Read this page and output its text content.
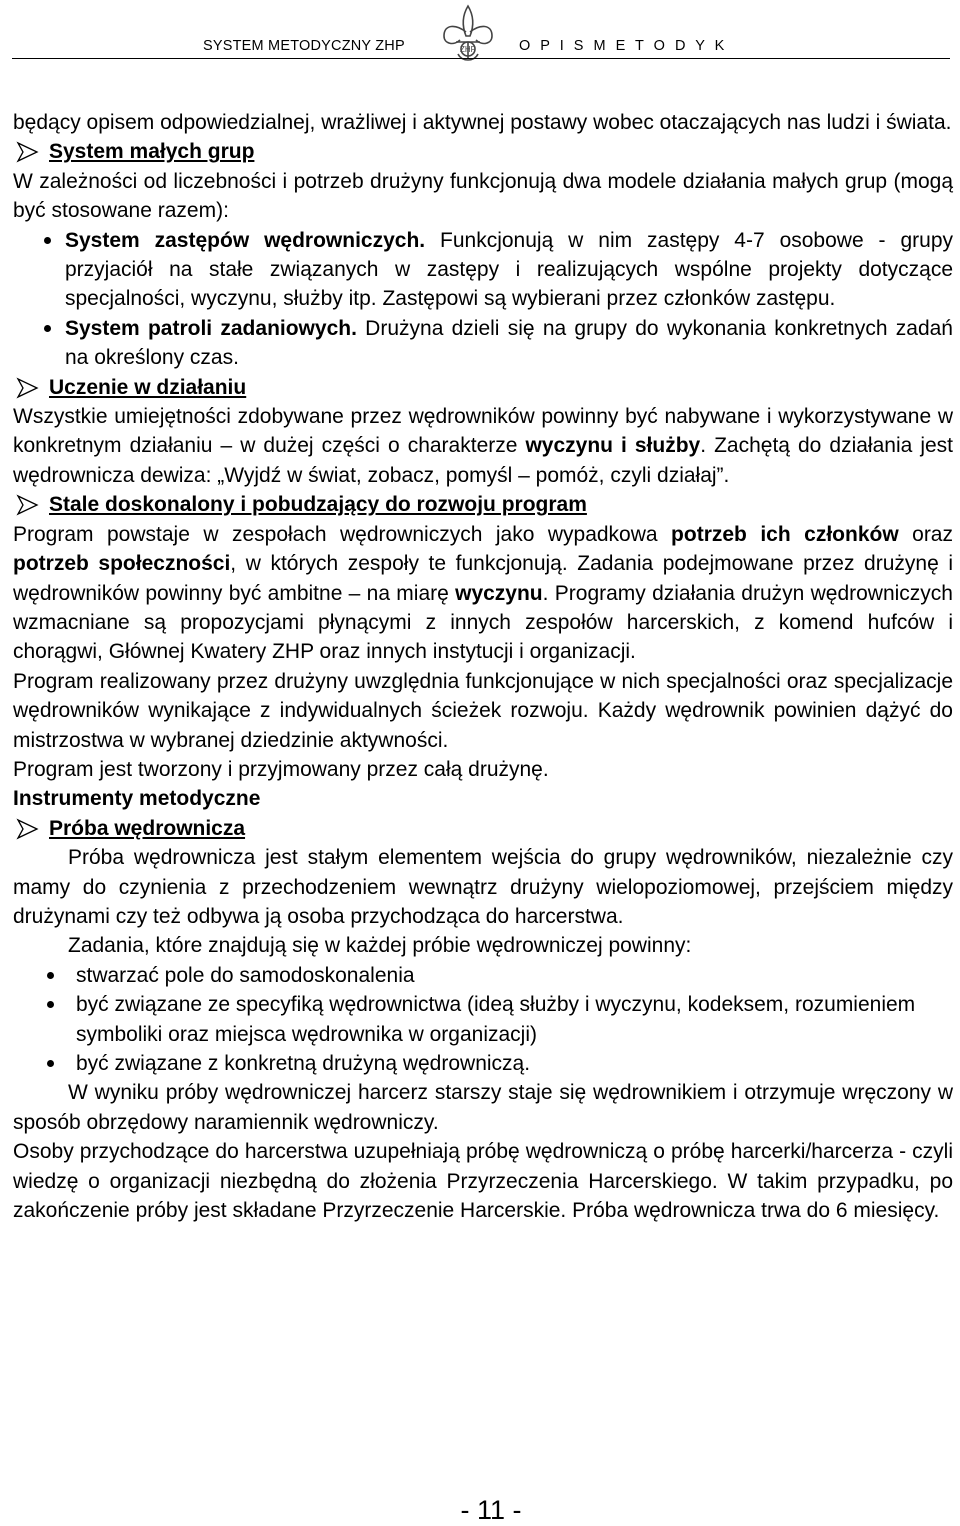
SYSTEM METODYCZNY ZHP	ZHP	O P I S M E T O D Y K

będący opisem odpowiedzialnej, wrażliwej i aktywnej postawy wobec otaczających nas ludzi i świata.

System małych grup

W zależności od liczebności i potrzeb drużyny funkcjonują dwa modele działania małych grup (mogą być stosowane razem):

System zastępów wędrowniczych. Funkcjonują w nim zastępy 4-7 osobowe - grupy przyjaciół na stałe związanych w zastępy i realizujących wspólne projekty dotyczące specjalności, wyczynu, służby itp. Zastępowi są wybierani przez członków zastępu.

System patroli zadaniowych. Drużyna dzieli się na grupy do wykonania konkretnych zadań na określony czas.

Uczenie w działaniu

Wszystkie umiejętności zdobywane przez wędrowników powinny być nabywane i wykorzystywane w konkretnym działaniu – w dużej części o charakterze wyczynu i służby. Zachętą do działania jest wędrownicza dewiza: „Wyjdź w świat, zobacz, pomyśl – pomóż, czyli działaj”.

Stale doskonalony i pobudzający do rozwoju program

Program powstaje w zespołach wędrowniczych jako wypadkowa potrzeb ich członków oraz potrzeb społeczności, w których zespoły te funkcjonują. Zadania podejmowane przez drużynę i wędrowników powinny być ambitne – na miarę wyczynu. Programy działania drużyn wędrowniczych wzmacniane są propozycjami płynącymi z innych zespołów harcerskich, z komend hufców i chorągwi, Głównej Kwatery ZHP oraz innych instytucji i organizacji.

Program realizowany przez drużyny uwzględnia funkcjonujące w nich specjalności oraz specjalizacje wędrowników wynikające z indywidualnych ścieżek rozwoju. Każdy wędrownik powinien dążyć do mistrzostwa w wybranej dziedzinie aktywności.

Program jest tworzony i przyjmowany przez całą drużynę.

Instrumenty metodyczne

Próba wędrownicza

Próba wędrownicza jest stałym elementem wejścia do grupy wędrowników, niezależnie czy mamy do czynienia z przechodzeniem wewnątrz drużyny wielopoziomowej, przejściem między drużynami czy też odbywa ją osoba przychodząca do harcerstwa.

Zadania, które znajdują się w każdej próbie wędrowniczej powinny:

stwarzać pole do samodoskonalenia

być związane ze specyfiką wędrownictwa (ideą służby i wyczynu, kodeksem, rozumieniem symboliki oraz miejsca wędrownika w organizacji)

być związane z konkretną drużyną wędrowniczą.

W wyniku próby wędrowniczej harcerz starszy staje się wędrownikiem i otrzymuje wręczony w sposób obrzędowy naramiennik wędrowniczy.

Osoby przychodzące do harcerstwa uzupełniają próbę wędrowniczą o próbę harcerki/harcerza - czyli wiedzę o organizacji niezbędną do złożenia Przyrzeczenia Harcerskiego. W takim przypadku, po zakończenie próby jest składane Przyrzeczenie Harcerskie. Próba wędrownicza trwa do 6 miesięcy.

- 11 -
